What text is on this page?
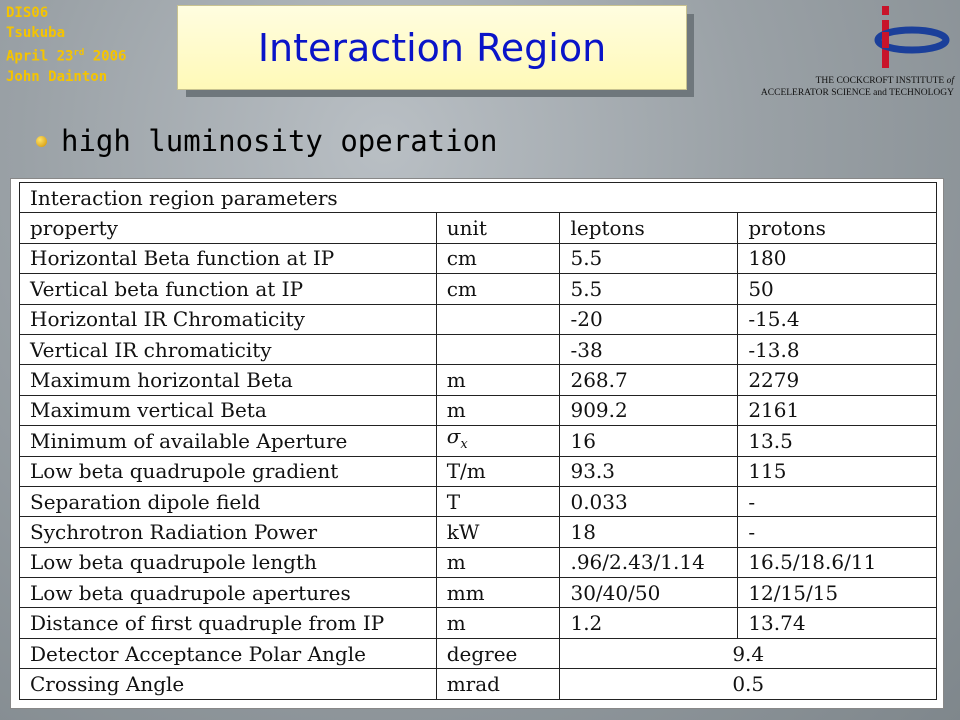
DIS06
Tsukuba
April 23rd 2006
John Dainton
Interaction Region
THE COCKCROFT INSTITUTE of
ACCELERATOR SCIENCE and TECHNOLOGY
high luminosity operation
Interaction region parameters			
property	unit	leptons	protons
Horizontal Beta function at IP	cm	5.5	180
Vertical beta function at IP	cm	5.5	50
Horizontal IR Chromaticity		-20	-15.4
Vertical IR chromaticity		-38	-13.8
Maximum horizontal Beta	m	268.7	2279
Maximum vertical Beta	m	909.2	2161
Minimum of available Aperture	$\sigma_x$	16	13.5
Low beta quadrupole gradient	T/m	93.3	115
Separation dipole field	T	0.033	-
Sychrotron Radiation Power	kW	18	-
Low beta quadrupole length	m	.96/2.43/1.14	16.5/18.6/11
Low beta quadrupole apertures	mm	30/40/50	12/15/15
Distance of first quadruple from IP	m	1.2	13.74
Detector Acceptance Polar Angle	degree	9.4	
Crossing Angle	mrad	0.5	
